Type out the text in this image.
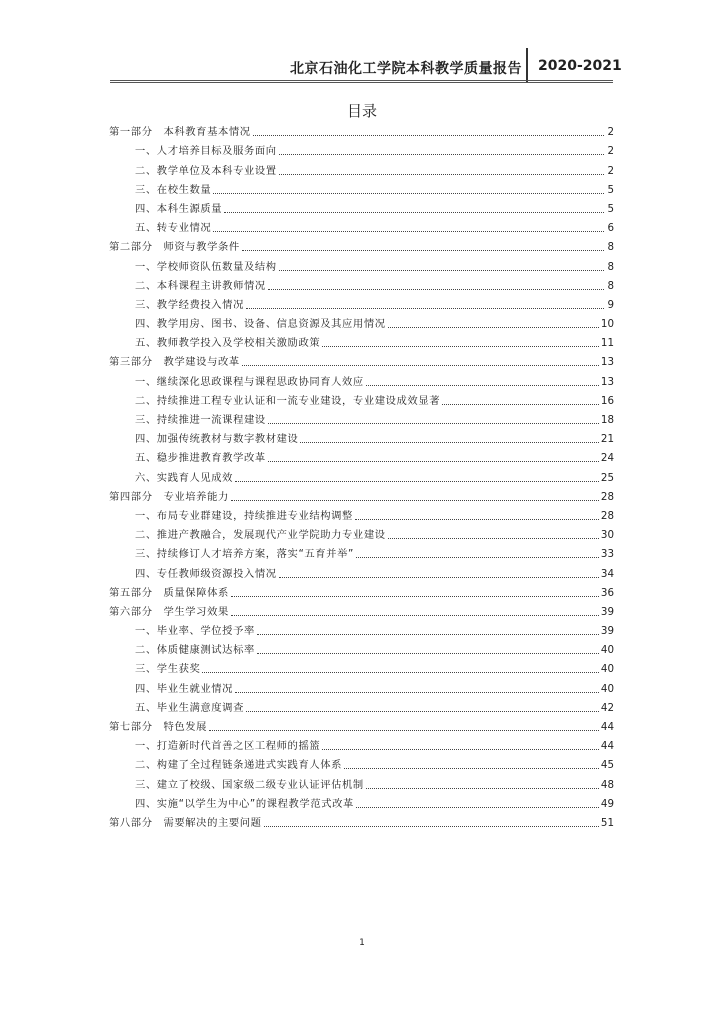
北京石油化工学院本科教学质量报告 2020-2021
目录
第一部分　本科教育基本情况	2
一、人才培养目标及服务面向	2
二、教学单位及本科专业设置	2
三、在校生数量	5
四、本科生源质量	5
五、转专业情况	6
第二部分　师资与教学条件	8
一、学校师资队伍数量及结构	8
二、本科课程主讲教师情况	8
三、教学经费投入情况	9
四、教学用房、图书、设备、信息资源及其应用情况	10
五、教师教学投入及学校相关激励政策	11
第三部分　教学建设与改革	13
一、继续深化思政课程与课程思政协同育人效应	13
二、持续推进工程专业认证和一流专业建设，专业建设成效显著	16
三、持续推进一流课程建设	18
四、加强传统教材与数字教材建设	21
五、稳步推进教育教学改革	24
六、实践育人见成效	25
第四部分　专业培养能力	28
一、布局专业群建设，持续推进专业结构调整	28
二、推进产教融合，发展现代产业学院助力专业建设	30
三、持续修订人才培养方案，落实“五育并举”	33
四、专任教师级资源投入情况	34
第五部分　质量保障体系	36
第六部分　学生学习效果	39
一、毕业率、学位授予率	39
二、体质健康测试达标率	40
三、学生获奖	40
四、毕业生就业情况	40
五、毕业生满意度调查	42
第七部分　特色发展	44
一、打造新时代首善之区工程师的摇篮	44
二、构建了全过程链条递进式实践育人体系	45
三、建立了校级、国家级二级专业认证评估机制	48
四、实施“以学生为中心”的课程教学范式改革	49
第八部分　需要解决的主要问题	51
1
